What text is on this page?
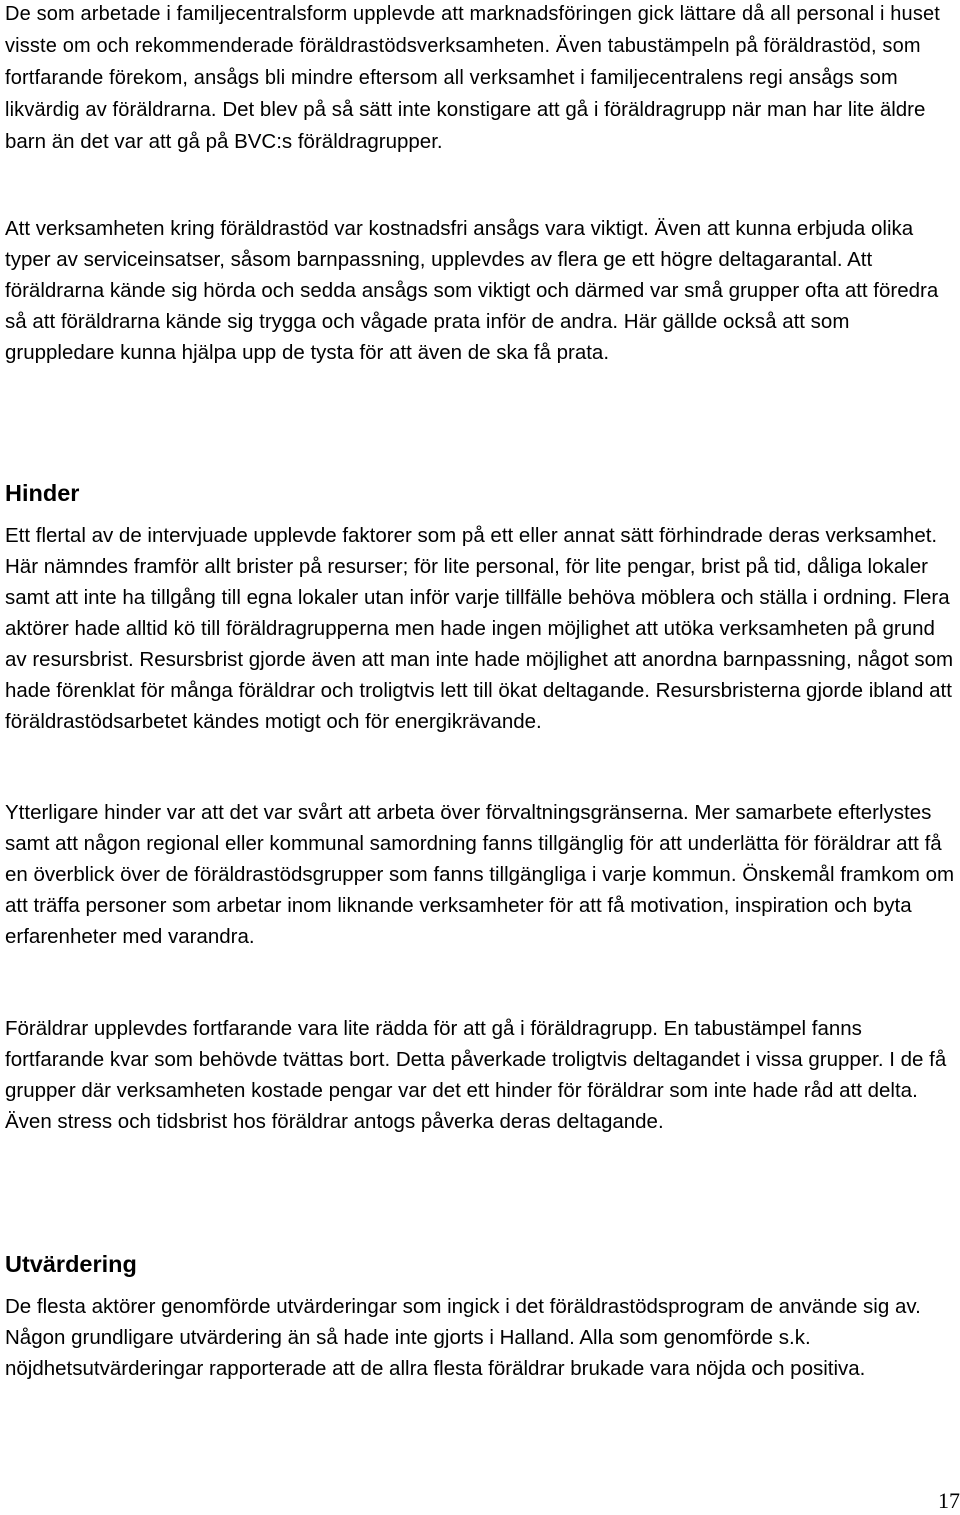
De som arbetade i familjecentralsform upplevde att marknadsföringen gick lättare då all personal i huset visste om och rekommenderade föräldrastödsverksamheten. Även tabustämpeln på föräldrastöd, som fortfarande förekom, ansågs bli mindre eftersom all verksamhet i familjecentralens regi ansågs som likvärdig av föräldrarna. Det blev på så sätt inte konstigare att gå i föräldragrupp när man har lite äldre barn än det var att gå på BVC:s föräldragrupper.

Att verksamheten kring föräldrastöd var kostnadsfri ansågs vara viktigt. Även att kunna erbjuda olika typer av serviceinsatser, såsom barnpassning, upplevdes av flera ge ett högre deltagarantal. Att föräldrarna kände sig hörda och sedda ansågs som viktigt och därmed var små grupper ofta att föredra så att föräldrarna kände sig trygga och vågade prata inför de andra. Här gällde också att som gruppledare kunna hjälpa upp de tysta för att även de ska få prata.

Hinder

Ett flertal av de intervjuade upplevde faktorer som på ett eller annat sätt förhindrade deras verksamhet. Här nämndes framför allt brister på resurser; för lite personal, för lite pengar, brist på tid, dåliga lokaler samt att inte ha tillgång till egna lokaler utan inför varje tillfälle behöva möblera och ställa i ordning. Flera aktörer hade alltid kö till föräldragrupperna men hade ingen möjlighet att utöka verksamheten på grund av resursbrist. Resursbrist gjorde även att man inte hade möjlighet att anordna barnpassning, något som hade förenklat för många föräldrar och troligtvis lett till ökat deltagande. Resursbristerna gjorde ibland att föräldrastödsarbetet kändes motigt och för energikrävande.

Ytterligare hinder var att det var svårt att arbeta över förvaltningsgränserna. Mer samarbete efterlystes samt att någon regional eller kommunal samordning fanns tillgänglig för att underlätta för föräldrar att få en överblick över de föräldrastödsgrupper som fanns tillgängliga i varje kommun. Önskemål framkom om att träffa personer som arbetar inom liknande verksamheter för att få motivation, inspiration och byta erfarenheter med varandra.

Föräldrar upplevdes fortfarande vara lite rädda för att gå i föräldragrupp. En tabustämpel fanns fortfarande kvar som behövde tvättas bort. Detta påverkade troligtvis deltagandet i vissa grupper. I de få grupper där verksamheten kostade pengar var det ett hinder för föräldrar som inte hade råd att delta. Även stress och tidsbrist hos föräldrar antogs påverka deras deltagande.

Utvärdering

De flesta aktörer genomförde utvärderingar som ingick i det föräldrastödsprogram de använde sig av. Någon grundligare utvärdering än så hade inte gjorts i Halland. Alla som genomförde s.k. nöjdhetsutvärderingar rapporterade att de allra flesta föräldrar brukade vara nöjda och positiva.

17
